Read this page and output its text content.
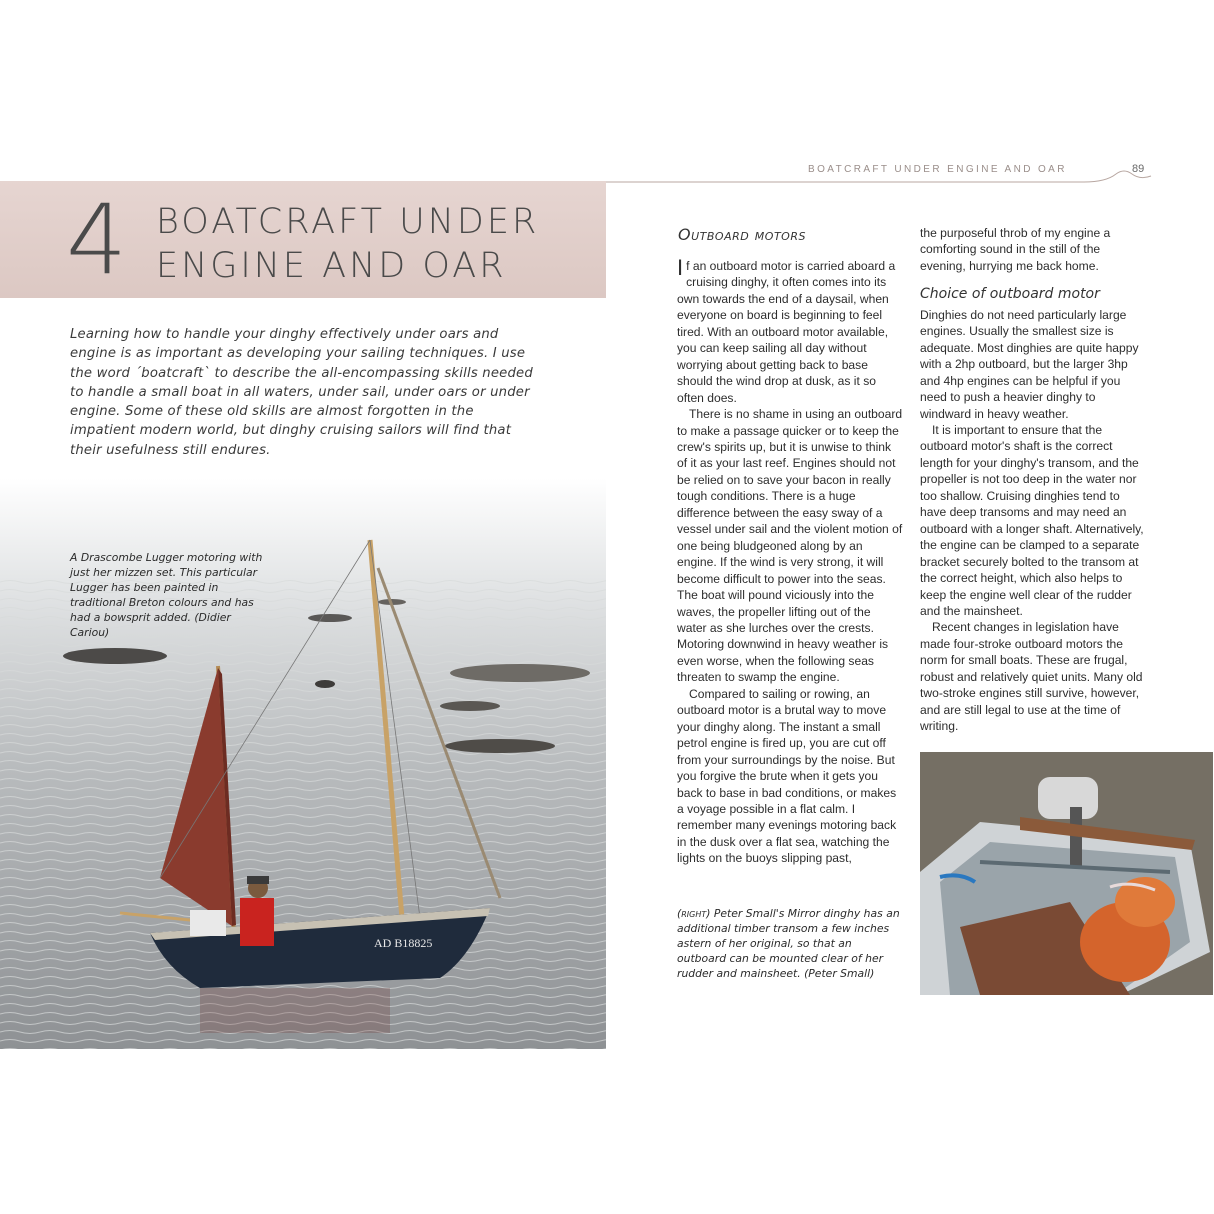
4 BOATCRAFT UNDER ENGINE AND OAR
Learning how to handle your dinghy effectively under oars and engine is as important as developing your sailing techniques. I use the word ´boatcraft` to describe the all-encompassing skills needed to handle a small boat in all waters, under sail, under oars or under engine. Some of these old skills are almost forgotten in the impatient modern world, but dinghy cruising sailors will find that their usefulness still endures.
AD B18825
A Drascombe Lugger motoring with just her mizzen set. This particular Lugger has been painted in traditional Breton colours and has had a bowsprit added. (Didier Cariou)
BOATCRAFT UNDER ENGINE AND OAR	89
Outboard motors

If an outboard motor is carried aboard a cruising dinghy, it often comes into its own towards the end of a daysail, when everyone on board is beginning to feel tired. With an outboard motor available, you can keep sailing all day without worrying about getting back to base should the wind drop at dusk, as it so often does.

There is no shame in using an outboard to make a passage quicker or to keep the crew's spirits up, but it is unwise to think of it as your last reef. Engines should not be relied on to save your bacon in really tough conditions. There is a huge difference between the easy sway of a vessel under sail and the violent motion of one being bludgeoned along by an engine. If the wind is very strong, it will become difficult to power into the seas. The boat will pound viciously into the waves, the propeller lifting out of the water as she lurches over the crests. Motoring downwind in heavy weather is even worse, when the following seas threaten to swamp the engine.

Compared to sailing or rowing, an outboard motor is a brutal way to move your dinghy along. The instant a small petrol engine is fired up, you are cut off from your surroundings by the noise. But you forgive the brute when it gets you back to base in bad conditions, or makes a voyage possible in a flat calm. I remember many evenings motoring back in the dusk over a flat sea, watching the lights on the buoys slipping past,

the purposeful throb of my engine a comforting sound in the still of the evening, hurrying me back home.

Choice of outboard motor

Dinghies do not need particularly large engines. Usually the smallest size is adequate. Most dinghies are quite happy with a 2hp outboard, but the larger 3hp and 4hp engines can be helpful if you need to push a heavier dinghy to windward in heavy weather.

It is important to ensure that the outboard motor's shaft is the correct length for your dinghy's transom, and the propeller is not too deep in the water nor too shallow. Cruising dinghies tend to have deep transoms and may need an outboard with a longer shaft. Alternatively, the engine can be clamped to a separate bracket securely bolted to the transom at the correct height, which also helps to keep the engine well clear of the rudder and the mainsheet.

Recent changes in legislation have made four-stroke outboard motors the norm for small boats. These are frugal, robust and relatively quiet units. Many old two-stroke engines still survive, however, and are still legal to use at the time of writing.

(right) Peter Small's Mirror dinghy has an additional timber transom a few inches astern of her original, so that an outboard can be mounted clear of her rudder and mainsheet. (Peter Small)
